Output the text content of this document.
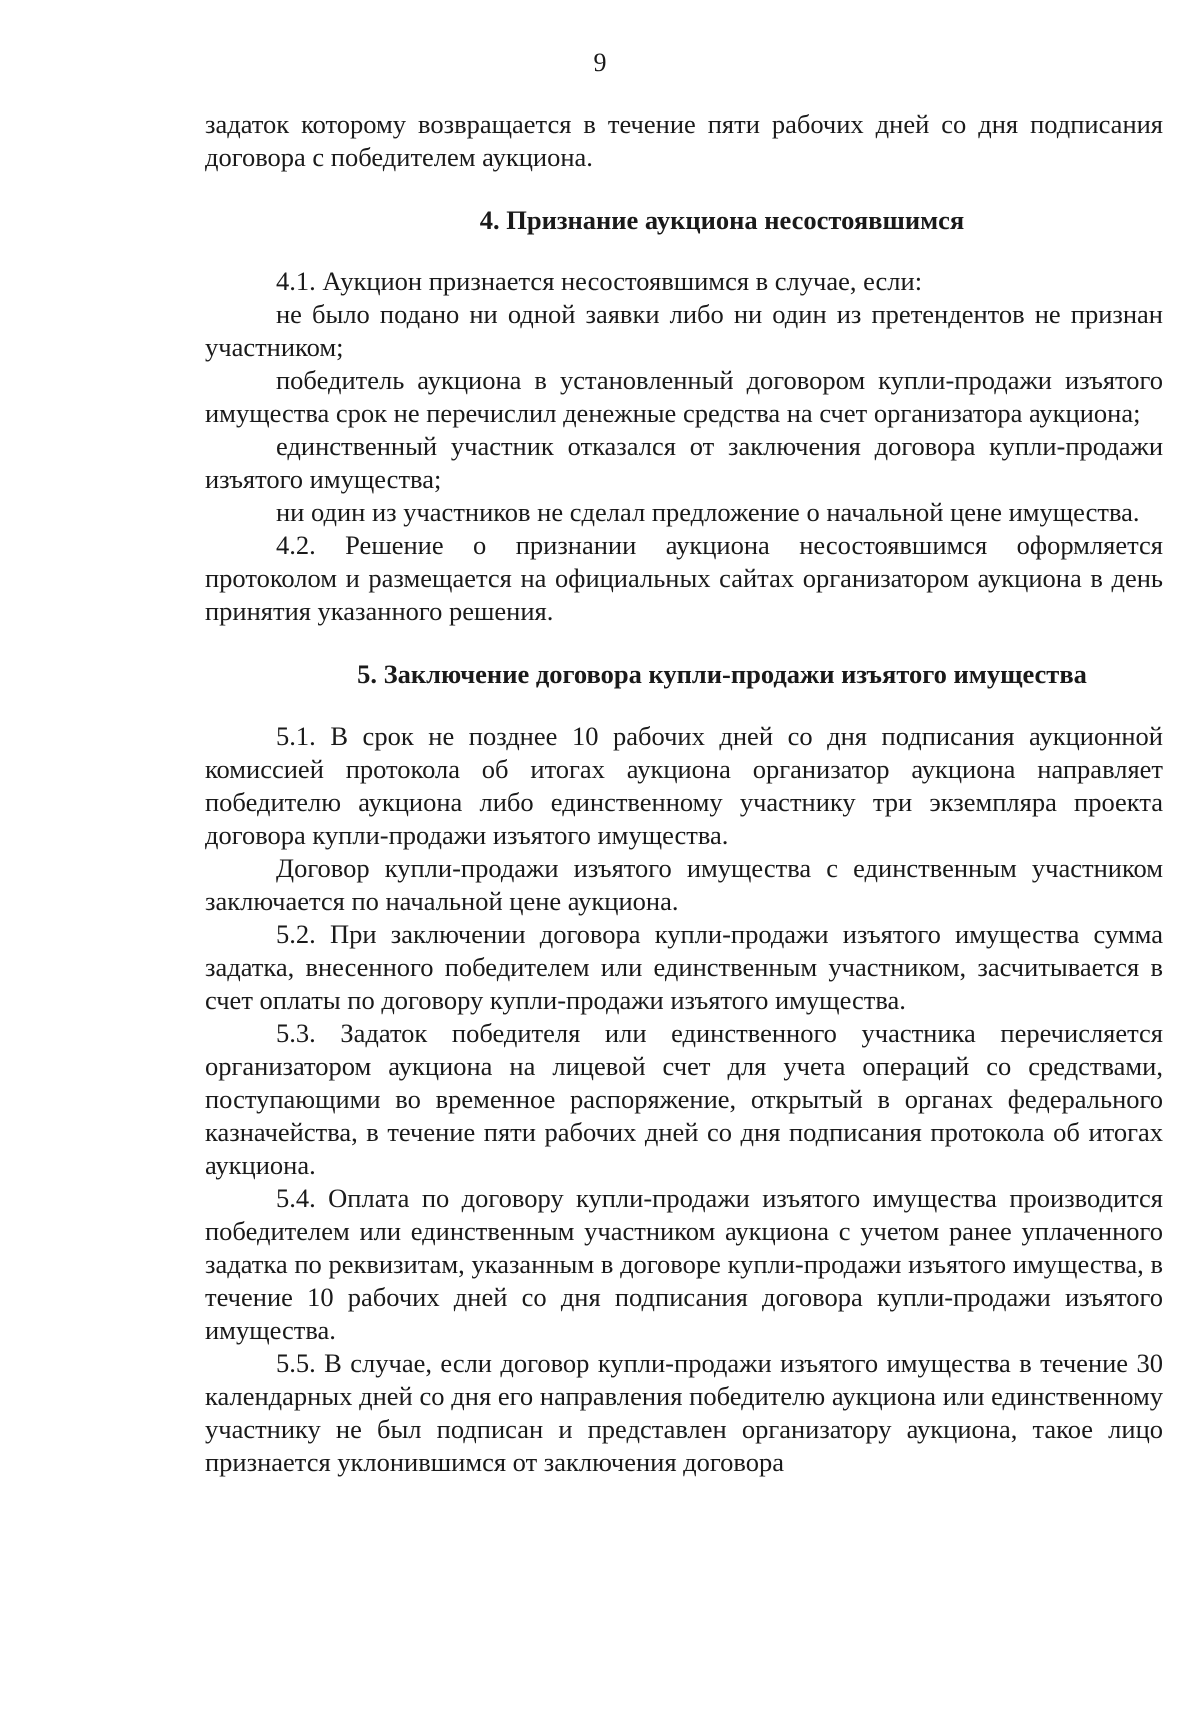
9

задаток которому возвращается в течение пяти рабочих дней со дня подписания договора с победителем аукциона.

4. Признание аукциона несостоявшимся

4.1. Аукцион признается несостоявшимся в случае, если:

не было подано ни одной заявки либо ни один из претендентов не признан участником;

победитель аукциона в установленный договором купли-продажи изъятого имущества срок не перечислил денежные средства на счет организатора аукциона;

единственный участник отказался от заключения договора купли-продажи изъятого имущества;

ни один из участников не сделал предложение о начальной цене имущества.

4.2. Решение о признании аукциона несостоявшимся оформляется протоколом и размещается на официальных сайтах организатором аукциона в день принятия указанного решения.

5. Заключение договора купли-продажи изъятого имущества

5.1. В срок не позднее 10 рабочих дней со дня подписания аукционной комиссией протокола об итогах аукциона организатор аукциона направляет победителю аукциона либо единственному участнику три экземпляра проекта договора купли-продажи изъятого имущества.

Договор купли-продажи изъятого имущества с единственным участником заключается по начальной цене аукциона.

5.2. При заключении договора купли-продажи изъятого имущества сумма задатка, внесенного победителем или единственным участником, засчитывается в счет оплаты по договору купли-продажи изъятого имущества.

5.3. Задаток победителя или единственного участника перечисляется организатором аукциона на лицевой счет для учета операций со средствами, поступающими во временное распоряжение, открытый в органах федерального казначейства, в течение пяти рабочих дней со дня подписания протокола об итогах аукциона.

5.4. Оплата по договору купли-продажи изъятого имущества производится победителем или единственным участником аукциона с учетом ранее уплаченного задатка по реквизитам, указанным в договоре купли-продажи изъятого имущества, в течение 10 рабочих дней со дня подписания договора купли-продажи изъятого имущества.

5.5. В случае, если договор купли-продажи изъятого имущества в течение 30 календарных дней со дня его направления победителю аукциона или единственному участнику не был подписан и представлен организатору аукциона, такое лицо признается уклонившимся от заключения договора
